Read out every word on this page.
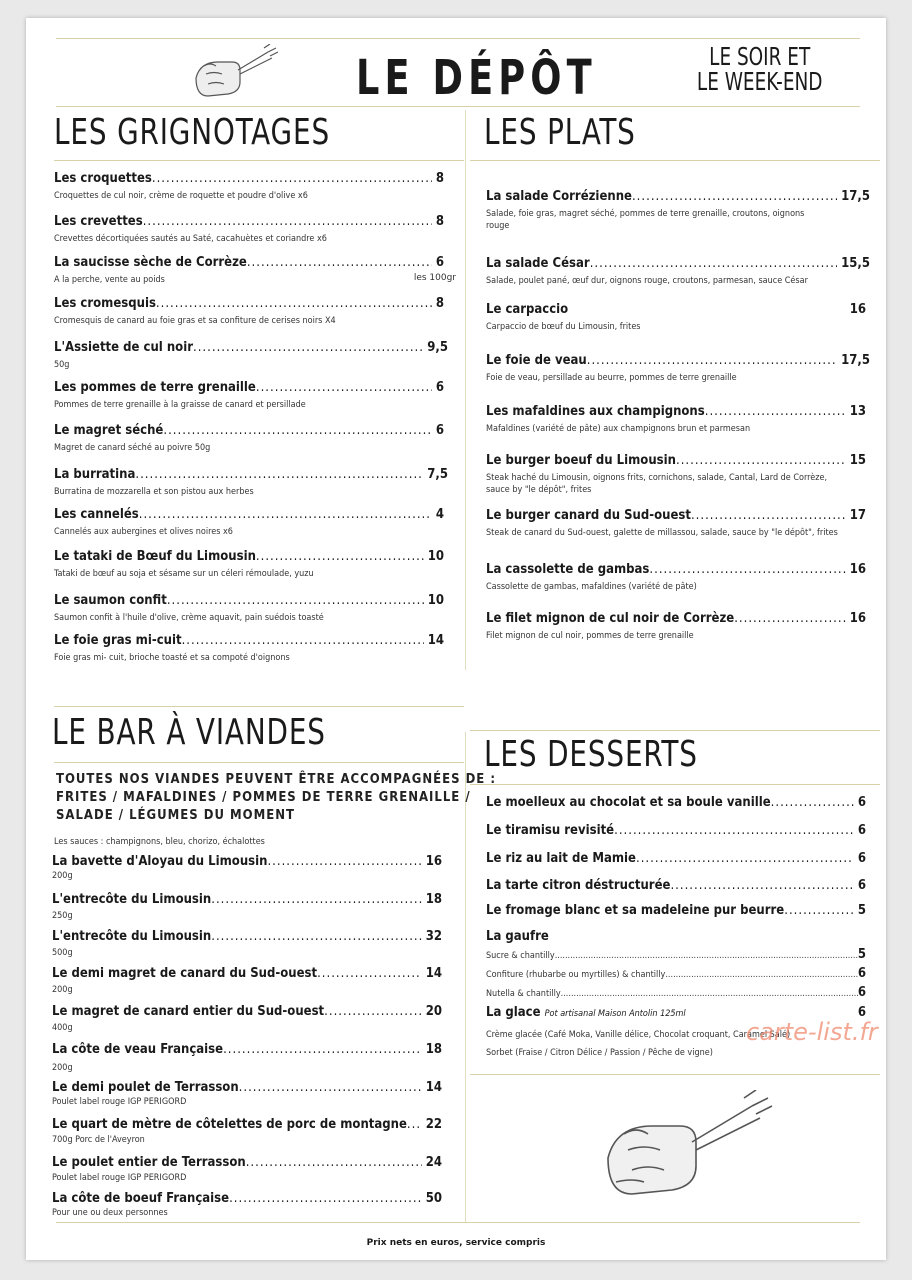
LE DÉPÔT	LE SOIR ET
LE WEEK-END
LES GRIGNOTAGES	LES PLATS
LE BAR À VIANDES
LES DESSERTS
Les croquettes .....	8
Croquettes de cul noir, crème de roquette et poudre d'olive x6
Les crevettes .....	8
Crevettes décortiquées sautés au Saté, cacahuètes et coriandre x6
La saucisse sèche de Corrèze .....	6
A la perche, vente au poids	les 100gr
Les cromesquis .....	8
Cromesquis de canard au foie gras et sa confiture de cerises noirs X4
L'Assiette de cul noir .....	9,5
50g
Les pommes de terre grenaille .....	6
Pommes de terre grenaille à la graisse de canard et persillade
Le magret séché .....	6
Magret de canard séché au poivre 50g
La burratina .....	7,5
Burratina de mozzarella et son pistou aux herbes
Les cannelés .....	4
Cannelés aux aubergines et olives noires x6
Le tataki de Bœuf du Limousin .....	10
Tataki de bœuf au soja et sésame sur un céleri rémoulade, yuzu
Le saumon confit .....	10
Saumon confit à l'huile d'olive, crème aquavit, pain suédois toasté
Le foie gras mi-cuit .....	14
Foie gras mi- cuit, brioche toasté et sa compoté d'oignons
La salade Corrézienne .....	17,5
Salade, foie gras, magret séché, pommes de terre grenaille, croutons, oignons rouge
La salade César .....	15,5
Salade, poulet pané, œuf dur, oignons rouge, croutons, parmesan, sauce César
Le carpaccio	16
Carpaccio de bœuf du Limousin, frites
Le foie de veau .....	17,5
Foie de veau, persillade au beurre, pommes de terre grenaille
Les mafaldines aux champignons .....	13
Mafaldines (variété de pâte) aux champignons brun et parmesan
Le burger boeuf du Limousin .....	15
Steak haché du Limousin, oignons frits, cornichons, salade, Cantal, Lard de Corrèze, sauce by "le dépôt", frites
Le burger canard du Sud-ouest .....	17
Steak de canard du Sud-ouest, galette de millassou, salade, sauce by "le dépôt", frites
La cassolette de gambas .....	16
Cassolette de gambas, mafaldines (variété de pâte)
Le filet mignon de cul noir de Corrèze .....	16
Filet mignon de cul noir, pommes de terre grenaille
TOUTES NOS VIANDES PEUVENT ÊTRE ACCOMPAGNÉES DE :
FRITES / MAFALDINES / POMMES DE TERRE GRENAILLE /
SALADE / LÉGUMES DU MOMENT
Les sauces : champignons, bleu, chorizo, échalottes
La bavette d'Aloyau du Limousin .....	16
200g
L'entrecôte du Limousin .....	18
250g
L'entrecôte du Limousin .....	32
500g
Le demi magret de canard du Sud-ouest .....	14
200g
Le magret de canard entier du Sud-ouest .....	20
400g
La côte de veau Française .....	18
200g
Le demi poulet de Terrasson .....	14
Poulet label rouge IGP PERIGORD
Le quart de mètre de côtelettes de porc de montagne .....	22
700g Porc de l'Aveyron
Le poulet entier de Terrasson .....	24
Poulet label rouge IGP PERIGORD
La côte de boeuf Française .....	50
Pour une ou deux personnes
Le moelleux au chocolat et sa boule vanille .....	6
Le tiramisu revisité .....	6
Le riz au lait de Mamie .....	6
La tarte citron déstructurée .....	6
Le fromage blanc et sa madeleine pur beurre .....	5
La gaufre
Sucre & chantilly .....	5
Confiture (rhubarbe ou myrtilles) & chantilly .....	6
Nutella & chantilly .....	6
La glace
Pot artisanal Maison Antolin 125ml	6
Crème glacée (Café Moka, Vanille délice, Chocolat croquant, Caramel Salé)
Sorbet (Fraise / Citron Délice / Passion / Pêche de vigne)
carte-list.fr
Prix nets en euros, service compris
